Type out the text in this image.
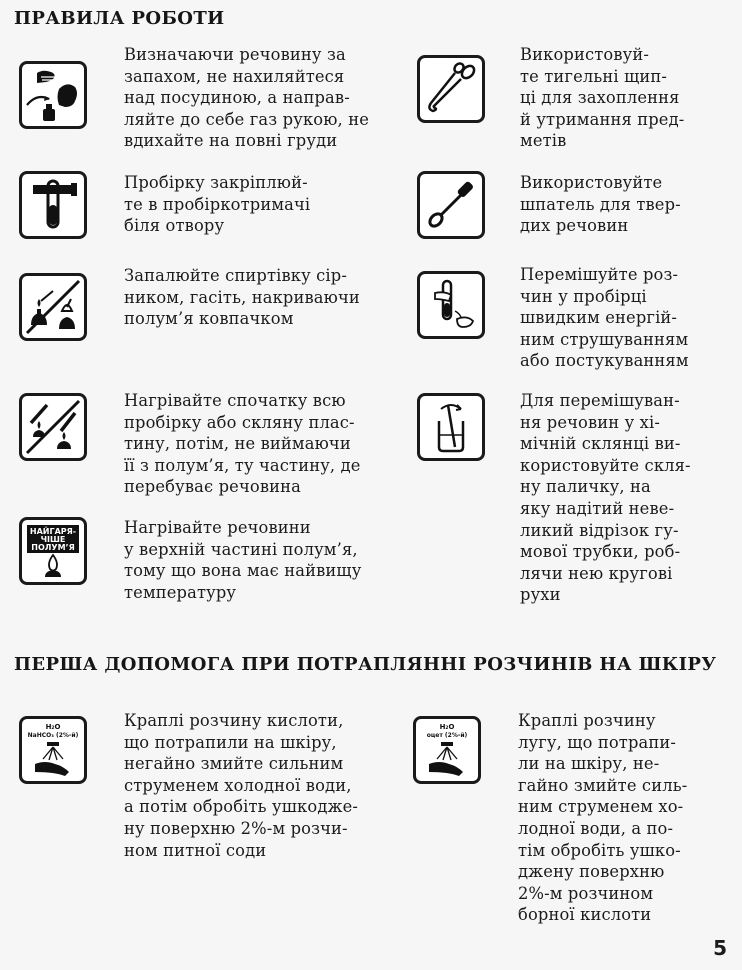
ПРАВИЛА РОБОТИ

Визначаючи речовину за
запахом, не нахиляйтеся
над посудиною, а направ-
ляйте до себе газ рукою, не
вдихайте на повні груди

Пробірку закріплюй-
те в пробіркотримачі
біля отвору

Запалюйте спиртівку сір-
ником, гасіть, накриваючи
полум’я ковпачком

Нагрівайте спочатку всю
пробірку або скляну плас-
тину, потім, не виймаючи
її з полум’я, ту частину, де
перебуває речовина

НАЙГАРЯ-
ЧІШЕ
ПОЛУМ’Я

Нагрівайте речовини
у верхній частині полум’я,
тому що вона має найвищу
температуру

Використовуй-
те тигельні щип-
ці для захоплення
й утримання пред-
метів

Використовуйте
шпатель для твер-
дих речовин

Перемішуйте роз-
чин у пробірці
швидким енергій-
ним струшуванням
або постукуванням

Для перемішуван-
ня речовин у хі-
мічній склянці ви-
користовуйте скля-
ну паличку, на
яку надітий неве-
ликий відрізок гу-
мової трубки, роб-
лячи нею кругові
рухи

ПЕРША ДОПОМОГА ПРИ ПОТРАПЛЯННІ РОЗЧИНІВ НА ШКІРУ
H₂O
NaHCO₃ (2%-й)

Краплі розчину кислоти,
що потрапили на шкіру,
негайно змийте сильним
струменем холодної води,
а потім обробіть ушкодже-
ну поверхню 2%-м розчи-
ном питної соди

H₂O
оцет (2%-й)

Краплі розчину
лугу, що потрапи-
ли на шкіру, не-
гайно змийте силь-
ним струменем хо-
лодної води, а по-
тім обробіть ушко-
джену поверхню
2%-м розчином
борної кислоти

5
